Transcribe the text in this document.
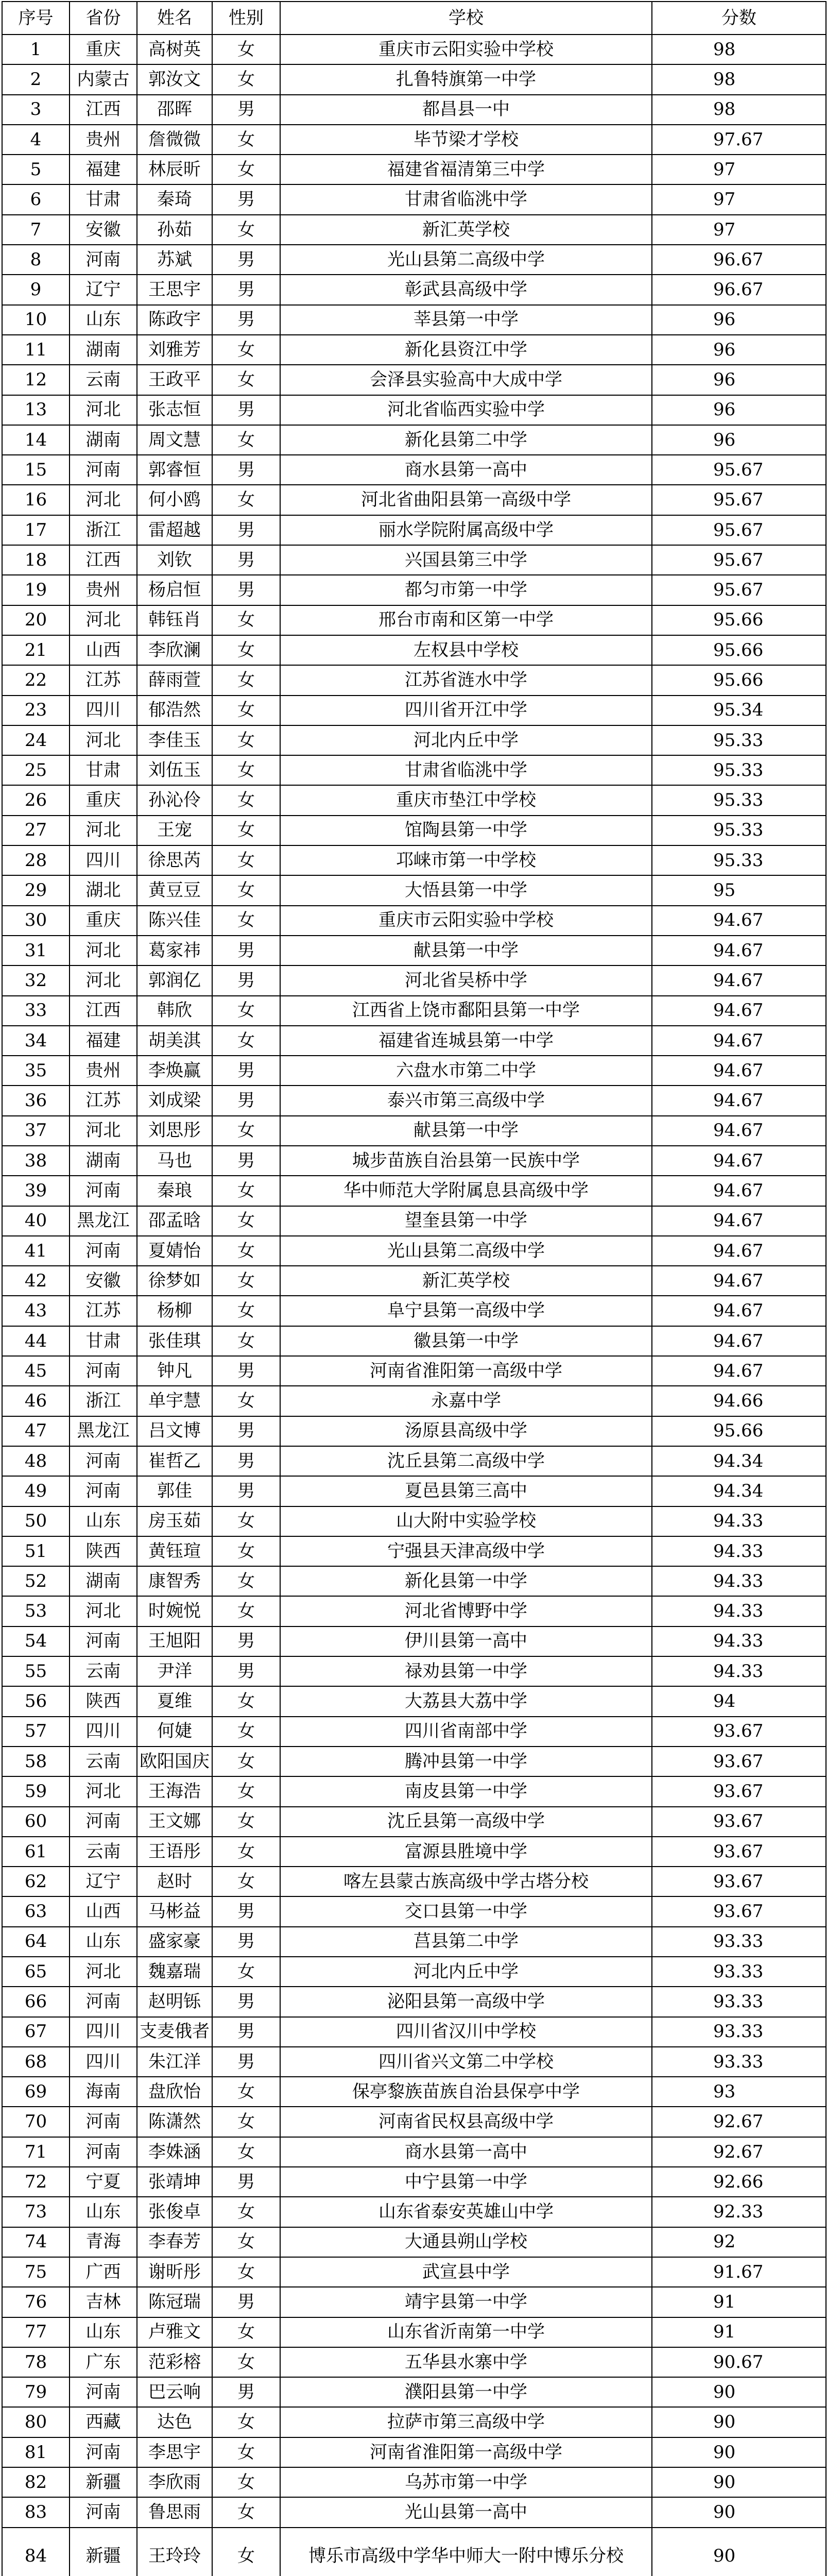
序号	省份	姓名	性别	学校	分数
1	重庆	高树英	女	重庆市云阳实验中学校	98
2	内蒙古	郭汝文	女	扎鲁特旗第一中学	98
3	江西	邵晖	男	都昌县一中	98
4	贵州	詹微微	女	毕节梁才学校	97.67
5	福建	林辰昕	女	福建省福清第三中学	97
6	甘肃	秦琦	男	甘肃省临洮中学	97
7	安徽	孙茹	女	新汇英学校	97
8	河南	苏斌	男	光山县第二高级中学	96.67
9	辽宁	王思宇	男	彰武县高级中学	96.67
10	山东	陈政宇	男	莘县第一中学	96
11	湖南	刘雅芳	女	新化县资江中学	96
12	云南	王政平	女	会泽县实验高中大成中学	96
13	河北	张志恒	男	河北省临西实验中学	96
14	湖南	周文慧	女	新化县第二中学	96
15	河南	郭睿恒	男	商水县第一高中	95.67
16	河北	何小鸥	女	河北省曲阳县第一高级中学	95.67
17	浙江	雷超越	男	丽水学院附属高级中学	95.67
18	江西	刘钦	男	兴国县第三中学	95.67
19	贵州	杨启恒	男	都匀市第一中学	95.67
20	河北	韩钰肖	女	邢台市南和区第一中学	95.66
21	山西	李欣澜	女	左权县中学校	95.66
22	江苏	薛雨萱	女	江苏省涟水中学	95.66
23	四川	郁浩然	女	四川省开江中学	95.34
24	河北	李佳玉	女	河北内丘中学	95.33
25	甘肃	刘伍玉	女	甘肃省临洮中学	95.33
26	重庆	孙沁伶	女	重庆市垫江中学校	95.33
27	河北	王宠	女	馆陶县第一中学	95.33
28	四川	徐思芮	女	邛崃市第一中学校	95.33
29	湖北	黄豆豆	女	大悟县第一中学	95
30	重庆	陈兴佳	女	重庆市云阳实验中学校	94.67
31	河北	葛家祎	男	献县第一中学	94.67
32	河北	郭润亿	男	河北省吴桥中学	94.67
33	江西	韩欣	女	江西省上饶市鄱阳县第一中学	94.67
34	福建	胡美淇	女	福建省连城县第一中学	94.67
35	贵州	李焕赢	男	六盘水市第二中学	94.67
36	江苏	刘成梁	男	泰兴市第三高级中学	94.67
37	河北	刘思彤	女	献县第一中学	94.67
38	湖南	马也	男	城步苗族自治县第一民族中学	94.67
39	河南	秦琅	女	华中师范大学附属息县高级中学	94.67
40	黑龙江	邵孟晗	女	望奎县第一中学	94.67
41	河南	夏婧怡	女	光山县第二高级中学	94.67
42	安徽	徐梦如	女	新汇英学校	94.67
43	江苏	杨柳	女	阜宁县第一高级中学	94.67
44	甘肃	张佳琪	女	徽县第一中学	94.67
45	河南	钟凡	男	河南省淮阳第一高级中学	94.67
46	浙江	单宇慧	女	永嘉中学	94.66
47	黑龙江	吕文博	男	汤原县高级中学	95.66
48	河南	崔哲乙	男	沈丘县第二高级中学	94.34
49	河南	郭佳	男	夏邑县第三高中	94.34
50	山东	房玉茹	女	山大附中实验学校	94.33
51	陕西	黄钰瑄	女	宁强县天津高级中学	94.33
52	湖南	康智秀	女	新化县第一中学	94.33
53	河北	时婉悦	女	河北省博野中学	94.33
54	河南	王旭阳	男	伊川县第一高中	94.33
55	云南	尹洋	男	禄劝县第一中学	94.33
56	陕西	夏维	女	大荔县大荔中学	94
57	四川	何婕	女	四川省南部中学	93.67
58	云南	欧阳国庆	女	腾冲县第一中学	93.67
59	河北	王海浩	女	南皮县第一中学	93.67
60	河南	王文娜	女	沈丘县第一高级中学	93.67
61	云南	王语彤	女	富源县胜境中学	93.67
62	辽宁	赵时	女	喀左县蒙古族高级中学古塔分校	93.67
63	山西	马彬益	男	交口县第一中学	93.67
64	山东	盛家豪	男	莒县第二中学	93.33
65	河北	魏嘉瑞	女	河北内丘中学	93.33
66	河南	赵明铄	男	泌阳县第一高级中学	93.33
67	四川	支麦俄者	男	四川省汉川中学校	93.33
68	四川	朱江洋	男	四川省兴文第二中学校	93.33
69	海南	盘欣怡	女	保亭黎族苗族自治县保亭中学	93
70	河南	陈潇然	女	河南省民权县高级中学	92.67
71	河南	李姝涵	女	商水县第一高中	92.67
72	宁夏	张靖坤	男	中宁县第一中学	92.66
73	山东	张俊卓	女	山东省泰安英雄山中学	92.33
74	青海	李春芳	女	大通县朔山学校	92
75	广西	谢昕彤	女	武宣县中学	91.67
76	吉林	陈冠瑞	男	靖宇县第一中学	91
77	山东	卢雅文	女	山东省沂南第一中学	91
78	广东	范彩榕	女	五华县水寨中学	90.67
79	河南	巴云响	男	濮阳县第一中学	90
80	西藏	达色	女	拉萨市第三高级中学	90
81	河南	李思宇	女	河南省淮阳第一高级中学	90
82	新疆	李欣雨	女	乌苏市第一中学	90
83	河南	鲁思雨	女	光山县第一高中	90
84	新疆	王玲玲	女	博乐市高级中学华中师大一附中博乐分校	90
